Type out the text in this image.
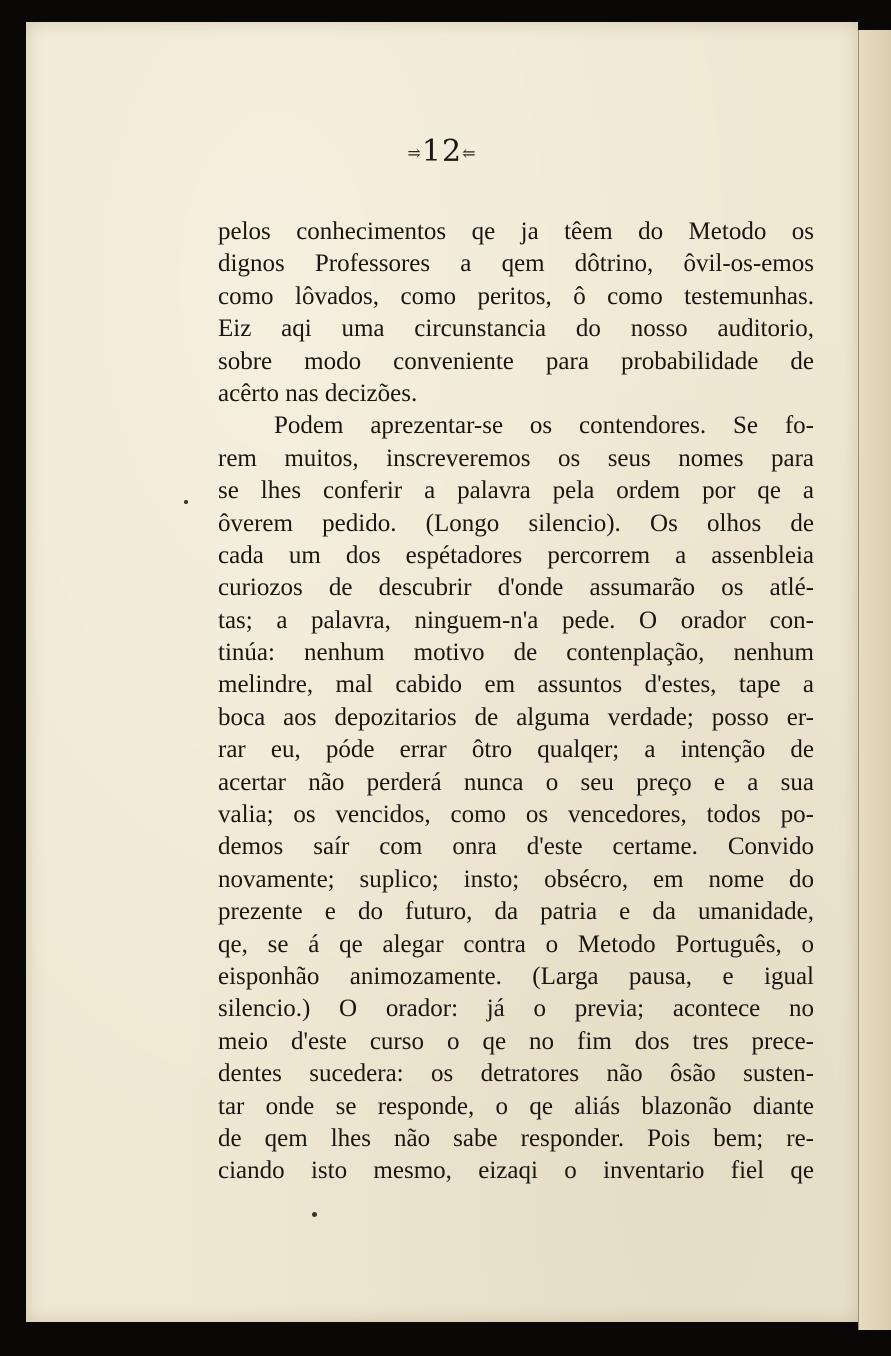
⥤12⥢
pelos conhecimentos qe ja têem do Metodo os
dignos Professores a qem dôtrino, ôvil-os-emos
como lôvados, como peritos, ô como testemunhas.
Eiz aqi uma circunstancia do nosso auditorio,
sobre modo conveniente para probabilidade de
acêrto nas decizões.
Podem aprezentar-se os contendores. Se fo-
rem muitos, inscreveremos os seus nomes para
se lhes conferir a palavra pela ordem por qe a
ôverem pedido. (Longo silencio). Os olhos de
cada um dos espétadores percorrem a assenbleia
curiozos de descubrir d'onde assumarão os atlé-
tas; a palavra, ninguem-n'a pede. O orador con-
tinúa: nenhum motivo de contenplação, nenhum
melindre, mal cabido em assuntos d'estes, tape a
boca aos depozitarios de alguma verdade; posso er-
rar eu, póde errar ôtro qualqer; a intenção de
acertar não perderá nunca o seu preço e a sua
valia; os vencidos, como os vencedores, todos po-
demos saír com onra d'este certame. Convido
novamente; suplico; insto; obsécro, em nome do
prezente e do futuro, da patria e da umanidade,
qe, se á qe alegar contra o Metodo Português, o
eisponhão animozamente. (Larga pausa, e igual
silencio.) O orador: já o previa; acontece no
meio d'este curso o qe no fim dos tres prece-
dentes sucedera: os detratores não ôsão susten-
tar onde se responde, o qe aliás blazonão diante
de qem lhes não sabe responder. Pois bem; re-
ciando isto mesmo, eizaqi o inventario fiel qe
